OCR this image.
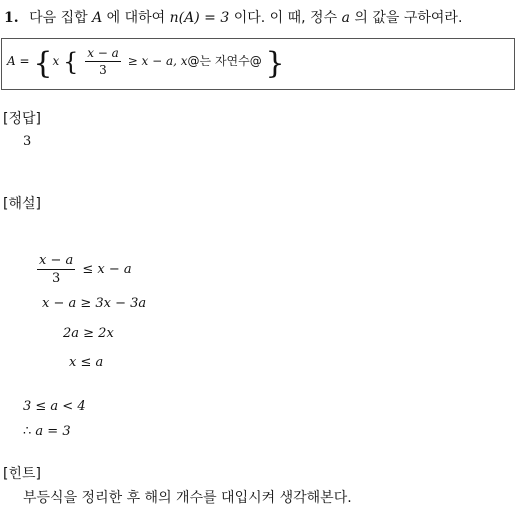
1. 다음 집합 A 에 대하여 n(A) = 3 이다. 이 때, 정수 a 의 값을 구하여라.
A = {x { $\frac{x - a}{3} \ge x - a$, x@는 자연수@ }
[정답]
3
[해설]
$\frac{x - a}{3} \le x - a$
x − a ≥ 3x − 3a
2a ≥ 2x
x ≤ a
3 ≤ a < 4
∴ a = 3
[힌트]
부등식을 정리한 후 해의 개수를 대입시켜 생각해본다.
